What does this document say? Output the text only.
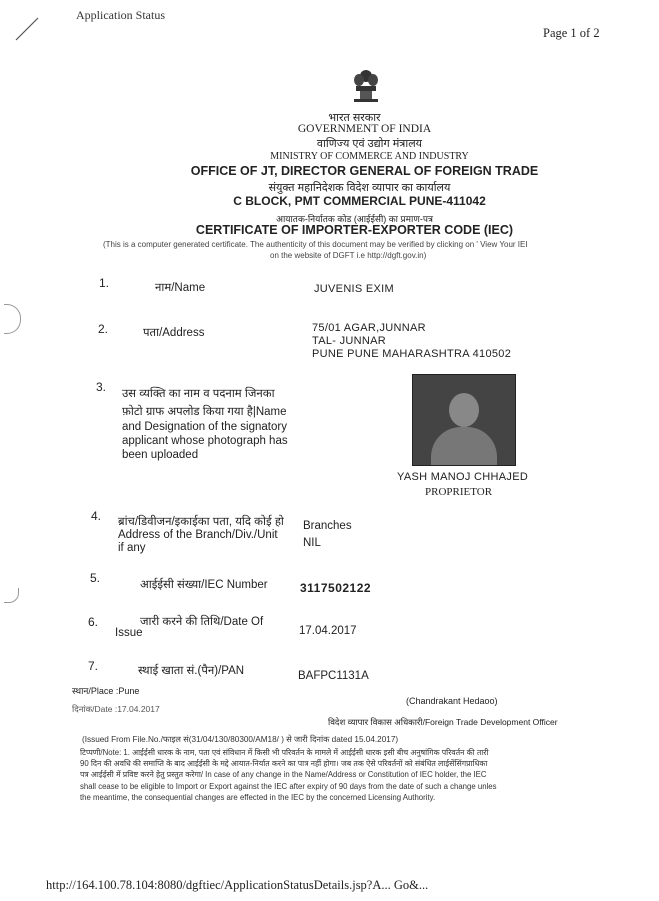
Application Status
Page 1 of 2
भारत सरकार
GOVERNMENT OF INDIA
वाणिज्य एवं उद्योग मंत्रालय
MINISTRY OF COMMERCE AND INDUSTRY
OFFICE OF JT, DIRECTOR GENERAL OF FOREIGN TRADE
संयुक्त महानिदेशक विदेश व्यापार का कार्यालय
C BLOCK, PMT COMMERCIAL PUNE-411042
आयातक-निर्यातक कोड (आईईसी) का प्रमाण-पत्र
CERTIFICATE OF IMPORTER-EXPORTER CODE (IEC)
(This is a computer generated certificate. The authenticity of this document may be verified by clicking on ' View Your IEI
on the website of DGFT i.e http://dgft.gov.in)
1.	नाम/Name	JUVENIS EXIM
2.	पता/Address	75/01 AGAR,JUNNAR
TAL- JUNNAR
PUNE PUNE MAHARASHTRA 410502
3. उस व्यक्ति का नाम व पदनाम जिनका
फ़ोटो ग्राफ अपलोड किया गया है|Name
and Designation of the signatory
applicant whose photograph has
been uploaded
YASH MANOJ CHHAJED
PROPRIETOR
4. ब्रांच/डिवीजन/इकाईका पता, यदि कोई हो
Address of the Branch/Div./Unit
if any
Branches
NIL
5.	आईईसी संख्या/IEC Number	3117502122
6.	जारी करने की तिथि/Date Of
Issue	17.04.2017
7.	स्थाई खाता सं.(पैन)/PAN	BAFPC1131A
स्थान/Place :Pune
(Chandrakant Hedaoo)
दिनांक/Date :17.04.2017
विदेश व्यापार विकास अधिकारी/Foreign Trade Development Officer
(Issued From File.No./फाइल सं(31/04/130/80300/AM18/ ) से जारी दिनांक dated 15.04.2017)
टिप्पणी/Note: 1. आईईसी धारक के नाम, पता एवं संविधान में किसी भी परिवर्तन के मामले में आईईसी धारक इसी बीच अनुषांगिक परिवर्तन की तारी
90 दिन की अवधि की समाप्ति के बाद आईईसी के मद्दे आयात-निर्यात करने का पात्र नहीं होगा। जब तक ऐसे परिवर्तनों को संबंधित लाईसेंसिंगप्राधिका
पत्र आईईसी में प्रविष्ट करने हेतु प्रस्तुत करेगा/ In case of any change in the Name/Address or Constitution of IEC holder, the IEC
shall cease to be eligible to Import or Export against the IEC after expiry of 90 days from the date of such a change unles
the meantime, the consequential changes are effected in the IEC by the concerned Licensing Authority.
http://164.100.78.104:8080/dgftiec/ApplicationStatusDetails.jsp?A... Go&...
